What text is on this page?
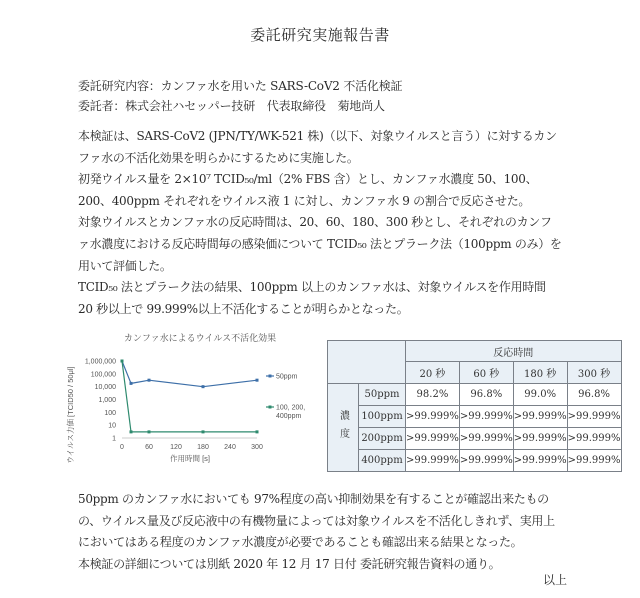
委託研究実施報告書
委託研究内容：カンファ水を用いた SARS-CoV2 不活化検証
委託者：株式会社ハセッパー技研　代表取締役　菊地尚人
本検証は、SARS-CoV2 (JPN/TY/WK-521 株)（以下、対象ウイルスと言う）に対するカンファ水の不活化効果を明らかにするために実施した。
初発ウイルス量を 2×10⁷ TCID₅₀/ml（2% FBS 含）とし、カンファ水濃度 50、100、200、400ppm それぞれをウイルス液 1 に対し、カンファ水 9 の割合で反応させた。
対象ウイルスとカンファ水の反応時間は、20、60、180、300 秒とし、それぞれのカンファ水濃度における反応時間毎の感染価について TCID₅₀ 法とプラーク法（100ppm のみ）を用いて評価した。
TCID₅₀ 法とプラーク法の結果、100ppm 以上のカンファ水は、対象ウイルスを作用時間 20 秒以上で 99.999%以上不活化することが明らかとなった。
カンファ水によるウイルス不活化効果
ウイルス力価 [TCID50 / 50μl]	1
10
100
1,000
10,000
100,000
1,000,000
0	60 120 180 240 300
作用時間 [s]
50ppm
100, 200,
400ppm
		反応時間			
		20 秒	60 秒	180 秒	300 秒
濃度	50ppm	98.2%	96.8%	99.0%	96.8%
	100ppm	>99.999%	>99.999%	>99.999%	>99.999%
	200ppm	>99.999%	>99.999%	>99.999%	>99.999%
	400ppm	>99.999%	>99.999%	>99.999%	>99.999%
50ppm のカンファ水においても 97%程度の高い抑制効果を有することが確認出来たものの、ウイルス量及び反応液中の有機物量によっては対象ウイルスを不活化しきれず、実用上においてはある程度のカンファ水濃度が必要であることも確認出来る結果となった。
本検証の詳細については別紙 2020 年 12 月 17 日付 委託研究報告資料の通り。
以上
